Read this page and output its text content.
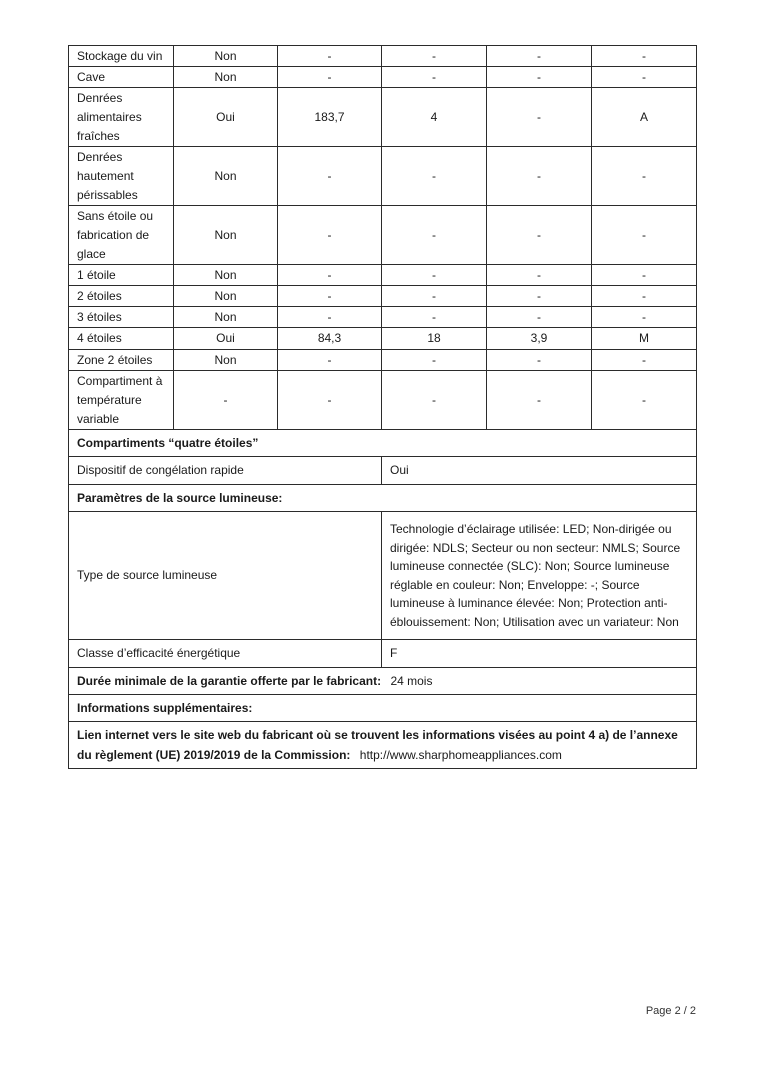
Stockage du vin	Non	-	-	-	-
Cave	Non	-	-	-	-
Denrées alimentaires fraîches	Oui	183,7	4	-	A
Denrées hautement périssables	Non	-	-	-	-
Sans étoile ou fabrication de glace	Non	-	-	-	-
1 étoile	Non	-	-	-	-
2 étoiles	Non	-	-	-	-
3 étoiles	Non	-	-	-	-
4 étoiles	Oui	84,3	18	3,9	M
Zone 2 étoiles	Non	-	-	-	-
Compartiment à température variable	-	-	-	-	-
Compartiments “quatre étoiles”					
Dispositif de congélation rapide			Oui		
Paramètres de la source lumineuse:					
Type de source lumineuse			Technologie d’éclairage utilisée: LED; Non-dirigée ou dirigée: NDLS; Secteur ou non secteur: NMLS; Source lumineuse connectée (SLC): Non; Source lumineuse réglable en couleur: Non; Enveloppe: -; Source lumineuse à luminance élevée: Non; Protection anti-éblouissement: Non; Utilisation avec un variateur: Non		
Classe d’efficacité énergétique			F		
Durée minimale de la garantie offerte par le fabricant: 24 mois					
Informations supplémentaires:					
Lien internet vers le site web du fabricant où se trouvent les informations visées au point 4 a) de l’annexe du règlement (UE) 2019/2019 de la Commission: http://www.sharphomeappliances.com					
Page 2 / 2
